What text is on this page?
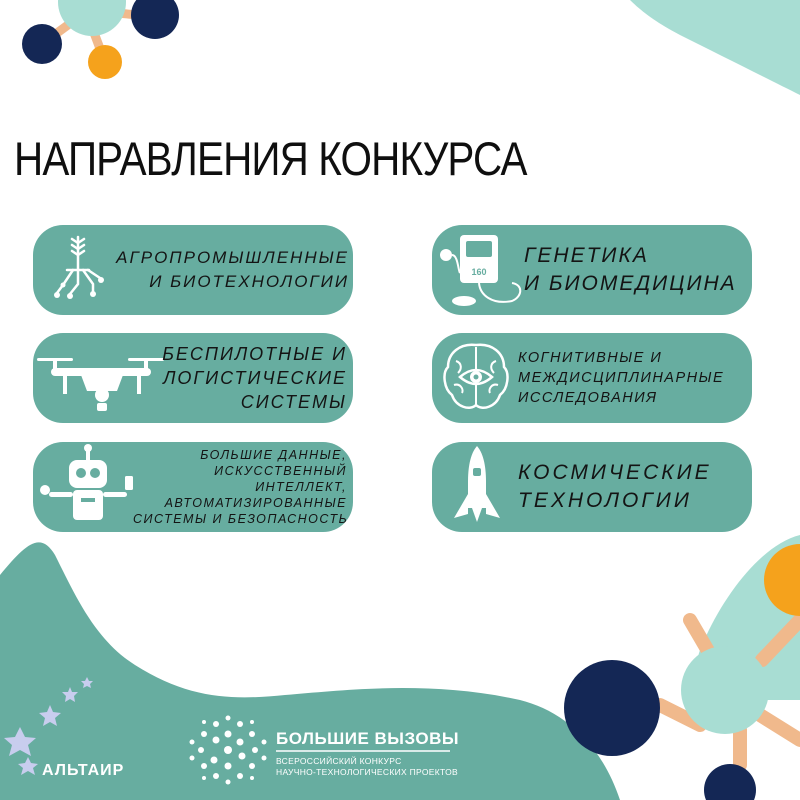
НАПРАВЛЕНИЯ КОНКУРСА
АГРОПРОМЫШЛЕННЫЕ
И БИОТЕХНОЛОГИИ	160
ГЕНЕТИКА
И БИОМЕДИЦИНА
БЕСПИЛОТНЫЕ И
ЛОГИСТИЧЕСКИЕ
СИСТЕМЫ
КОГНИТИВНЫЕ И
МЕЖДИСЦИПЛИНАРНЫЕ
ИССЛЕДОВАНИЯ
БОЛЬШИЕ ДАННЫЕ,
ИСКУССТВЕННЫЙ
ИНТЕЛЛЕКТ,
АВТОМАТИЗИРОВАННЫЕ
СИСТЕМЫ И БЕЗОПАСНОСТЬ
КОСМИЧЕСКИЕ
ТЕХНОЛОГИИ
АЛЬТАИР
БОЛЬШИЕ ВЫЗОВЫ
ВСЕРОССИЙСКИЙ КОНКУРС
НАУЧНО-ТЕХНОЛОГИЧЕСКИХ ПРОЕКТОВ
